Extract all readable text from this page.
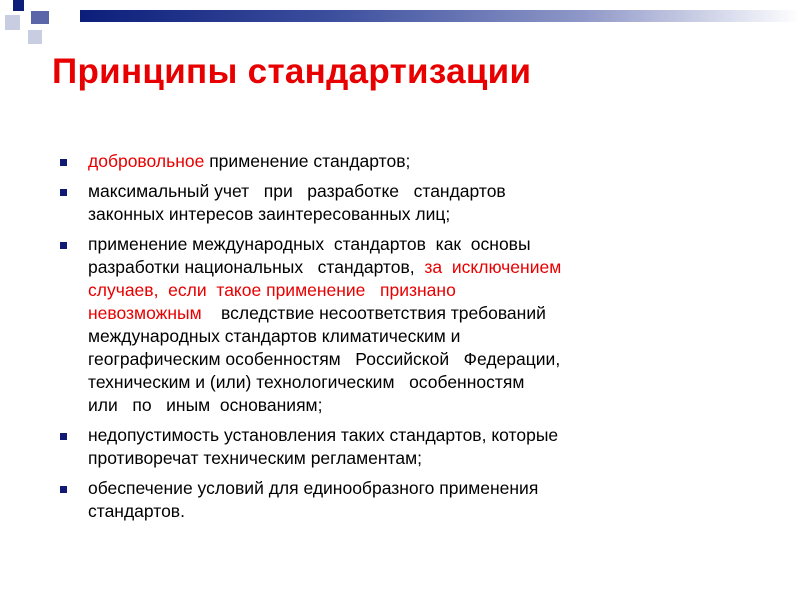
Принципы стандартизации
добровольное применение стандартов;
максимальный учет   при   разработке   стандартов
законных интересов заинтересованных лиц;
применение международных  стандартов  как  основы
разработки национальных   стандартов,  за  исключением
случаев,  если  такое применение   признано
невозможным    вследствие несоответствия требований
международных стандартов климатическим и
географическим особенностям   Российской   Федерации,
техническим и (или) технологическим   особенностям
или   по   иным  основаниям;
недопустимость установления таких стандартов, которые
противоречат техническим регламентам;
обеспечение условий для единообразного применения
стандартов.
